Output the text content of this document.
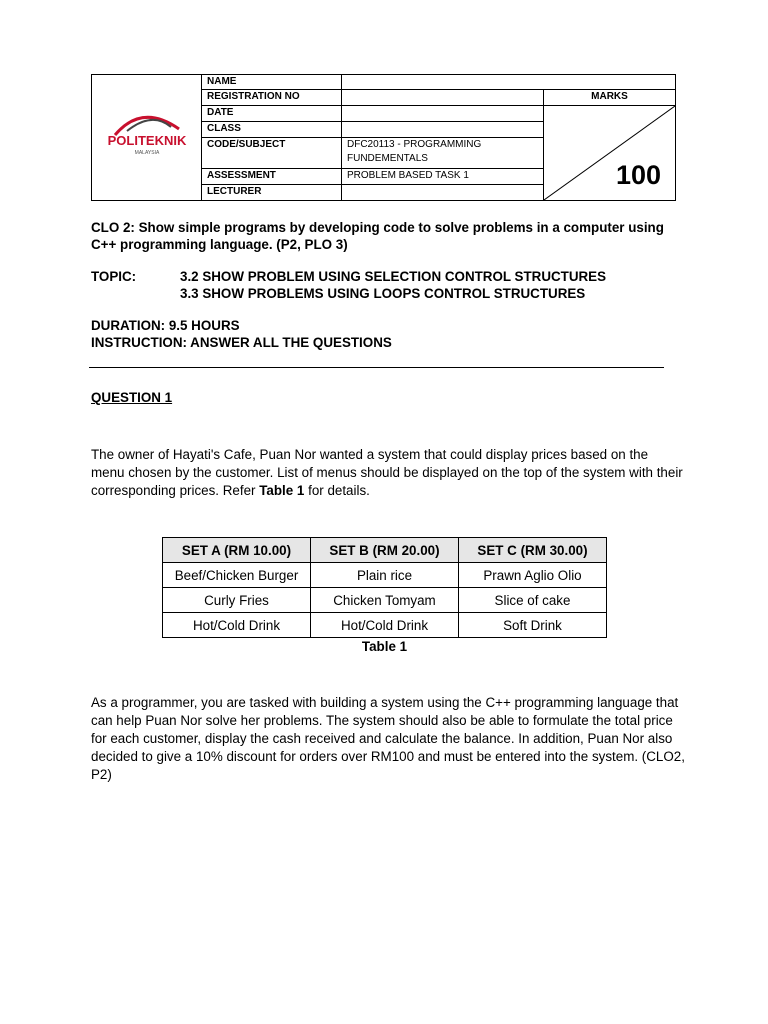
POLITEKNIK
MALAYSIA	NAME		
	REGISTRATION NO		MARKS
	DATE		100

	CLASS		
	CODE/SUBJECT	DFC20113 - PROGRAMMING FUNDEMENTALS	
	ASSESSMENT	PROBLEM BASED TASK 1	
	LECTURER		
CLO 2: Show simple programs by developing code to solve problems in a computer using C++ programming language. (P2, PLO 3)
TOPIC:	3.2 SHOW PROBLEM USING SELECTION CONTROL STRUCTURES
3.3 SHOW PROBLEMS USING LOOPS CONTROL STRUCTURES
DURATION: 9.5 HOURS
INSTRUCTION: ANSWER ALL THE QUESTIONS
QUESTION 1
The owner of Hayati's Cafe, Puan Nor wanted a system that could display prices based on the menu chosen by the customer. List of menus should be displayed on the top of the system with their corresponding prices. Refer Table 1 for details.
SET A (RM 10.00)	SET B (RM 20.00)	SET C (RM 30.00)
Beef/Chicken Burger	Plain rice	Prawn Aglio Olio
Curly Fries	Chicken Tomyam	Slice of cake
Hot/Cold Drink	Hot/Cold Drink	Soft Drink
Table 1
As a programmer, you are tasked with building a system using the C++ programming language that can help Puan Nor solve her problems. The system should also be able to formulate the total price for each customer, display the cash received and calculate the balance. In addition, Puan Nor also decided to give a 10% discount for orders over RM100 and must be entered into the system. (CLO2, P2)
